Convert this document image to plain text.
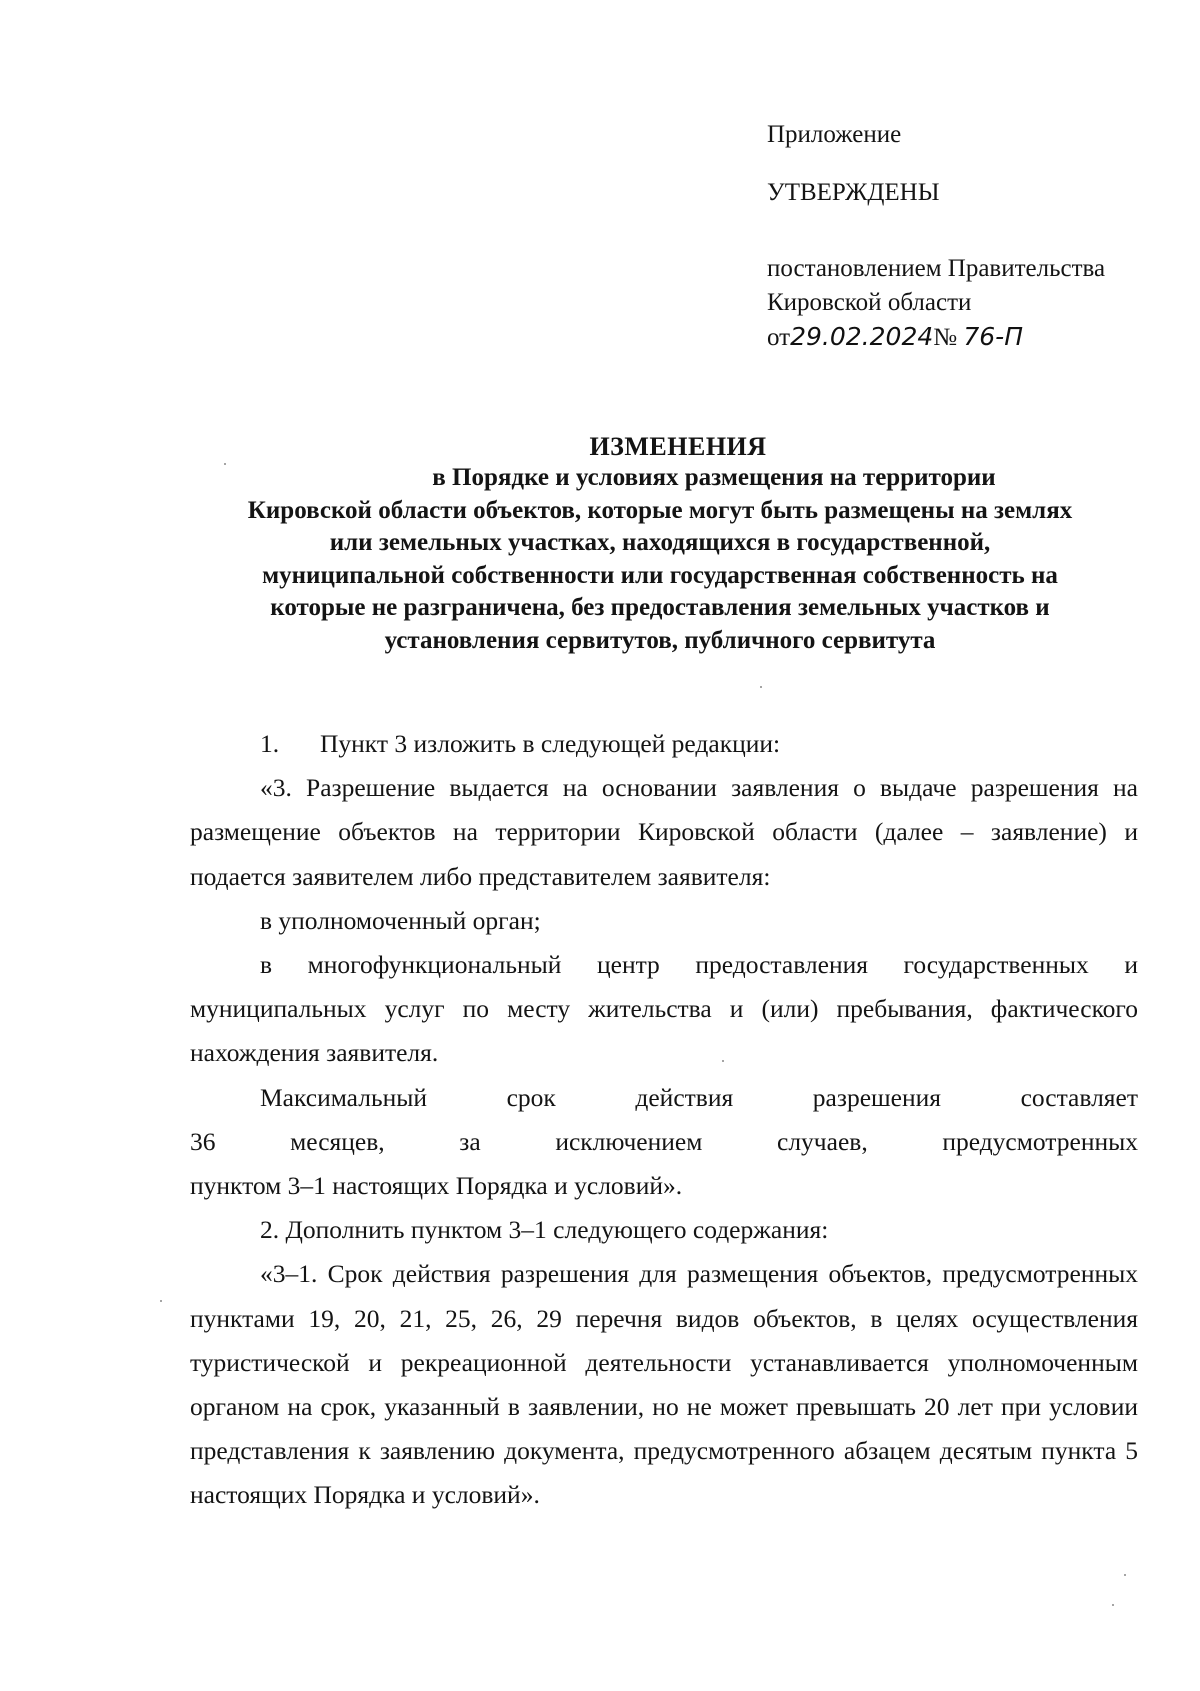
Приложение
УТВЕРЖДЕНЫ
постановлением Правительства
Кировской области
от29.02.2024№ 76-П
ИЗМЕНЕНИЯ
в Порядке и условиях размещения на территории
Кировской области объектов, которые могут быть размещены на землях
или земельных участках, находящихся в государственной,
муниципальной собственности или государственная собственность на
которые не разграничена, без предоставления земельных участков и
установления сервитутов, публичного сервитута

1. Пункт 3 изложить в следующей редакции:

«3. Разрешение выдается на основании заявления о выдаче разрешения на размещение объектов на территории Кировской области (далее – заявление) и подается заявителем либо представителем заявителя:

в уполномоченный орган;

в многофункциональный центр предоставления государственных и муниципальных услуг по месту жительства и (или) пребывания, фактического нахождения заявителя.

Максимальный срок действия разрешения составляет

36 месяцев, за исключением случаев, предусмотренных

пунктом 3–1 настоящих Порядка и условий».

2. Дополнить пунктом 3–1 следующего содержания:

«3–1. Срок действия разрешения для размещения объектов, предусмотренных пунктами 19, 20, 21, 25, 26, 29 перечня видов объектов, в целях осуществления туристической и рекреационной деятельности устанавливается уполномоченным органом на срок, указанный в заявлении, но не может превышать 20 лет при условии представления к заявлению документа, предусмотренного абзацем десятым пункта 5 настоящих Порядка и условий».
